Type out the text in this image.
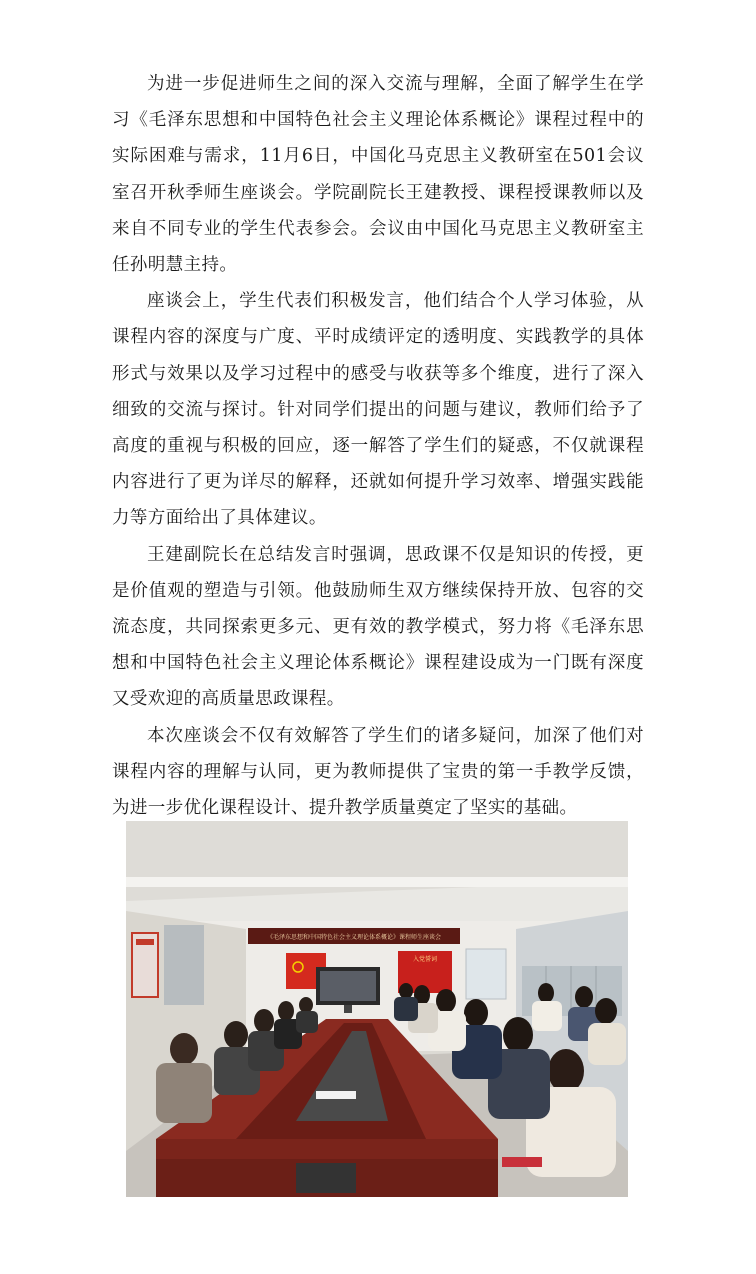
为进一步促进师生之间的深入交流与理解，全面了解学生在学习《毛泽东思想和中国特色社会主义理论体系概论》课程过程中的实际困难与需求，11月6日，中国化马克思主义教研室在501会议室召开秋季师生座谈会。学院副院长王建教授、课程授课教师以及来自不同专业的学生代表参会。会议由中国化马克思主义教研室主任孙明慧主持。

座谈会上，学生代表们积极发言，他们结合个人学习体验，从课程内容的深度与广度、平时成绩评定的透明度、实践教学的具体形式与效果以及学习过程中的感受与收获等多个维度，进行了深入细致的交流与探讨。针对同学们提出的问题与建议，教师们给予了高度的重视与积极的回应，逐一解答了学生们的疑惑，不仅就课程内容进行了更为详尽的解释，还就如何提升学习效率、增强实践能力等方面给出了具体建议。

王建副院长在总结发言时强调，思政课不仅是知识的传授，更是价值观的塑造与引领。他鼓励师生双方继续保持开放、包容的交流态度，共同探索更多元、更有效的教学模式，努力将《毛泽东思想和中国特色社会主义理论体系概论》课程建设成为一门既有深度又受欢迎的高质量思政课程。

本次座谈会不仅有效解答了学生们的诸多疑问，加深了他们对课程内容的理解与认同，更为教师提供了宝贵的第一手教学反馈，为进一步优化课程设计、提升教学质量奠定了坚实的基础。

《毛泽东思想和中国特色社会主义理论体系概论》课程师生座谈会
入党誓词
